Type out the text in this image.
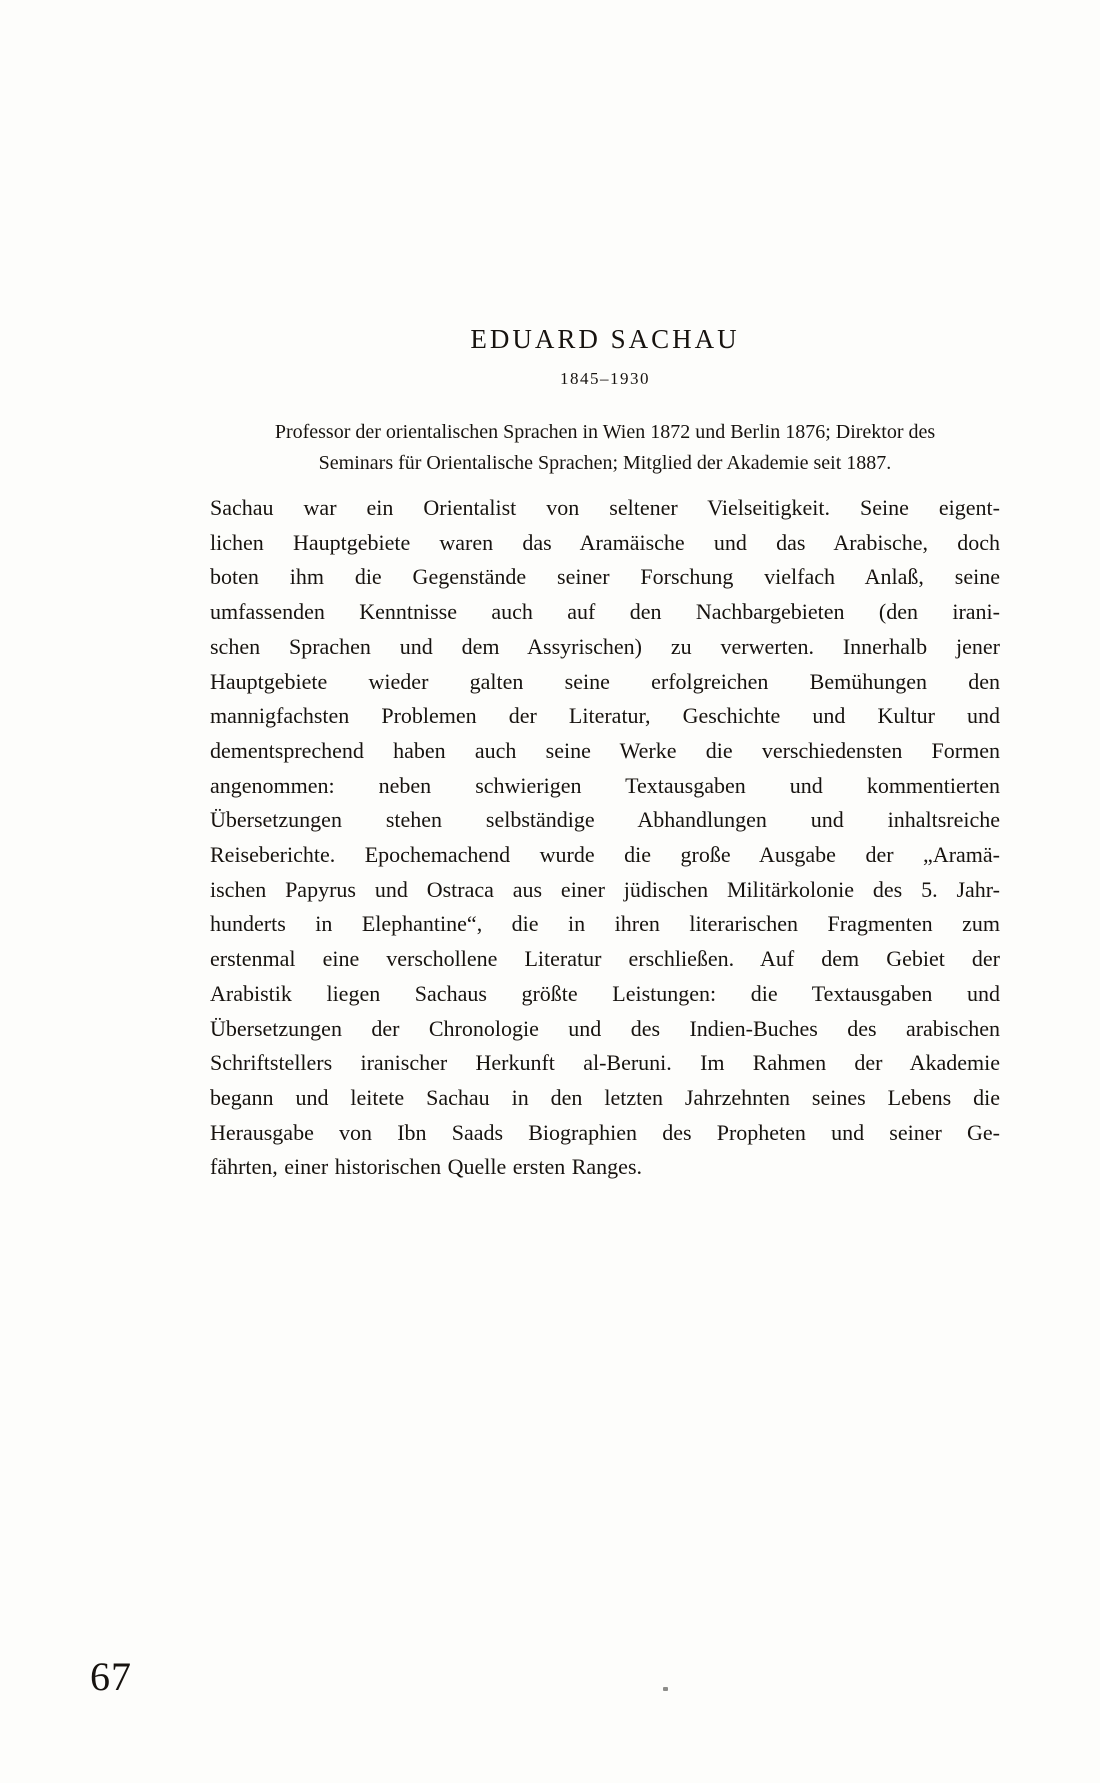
EDUARD SACHAU
1845–1930
Professor der orientalischen Sprachen in Wien 1872 und Berlin 1876; Direktor des
Seminars für Orientalische Sprachen; Mitglied der Akademie seit 1887.
Sachau war ein Orientalist von seltener Vielseitigkeit. Seine eigent-
lichen Hauptgebiete waren das Aramäische und das Arabische, doch
boten ihm die Gegenstände seiner Forschung vielfach Anlaß, seine
umfassenden Kenntnisse auch auf den Nachbargebieten (den irani-
schen Sprachen und dem Assyrischen) zu verwerten. Innerhalb jener
Hauptgebiete wieder galten seine erfolgreichen Bemühungen den
mannigfachsten Problemen der Literatur, Geschichte und Kultur und
dementsprechend haben auch seine Werke die verschiedensten Formen
angenommen: neben schwierigen Textausgaben und kommentierten
Übersetzungen stehen selbständige Abhandlungen und inhaltsreiche
Reiseberichte. Epochemachend wurde die große Ausgabe der „Aramä-
ischen Papyrus und Ostraca aus einer jüdischen Militärkolonie des 5. Jahr-
hunderts in Elephantine“, die in ihren literarischen Fragmenten zum
erstenmal eine verschollene Literatur erschließen. Auf dem Gebiet der
Arabistik liegen Sachaus größte Leistungen: die Textausgaben und
Übersetzungen der Chronologie und des Indien-Buches des arabischen
Schriftstellers iranischer Herkunft al-Beruni. Im Rahmen der Akademie
begann und leitete Sachau in den letzten Jahrzehnten seines Lebens die
Herausgabe von Ibn Saads Biographien des Propheten und seiner Ge-
fährten, einer historischen Quelle ersten Ranges.
67
